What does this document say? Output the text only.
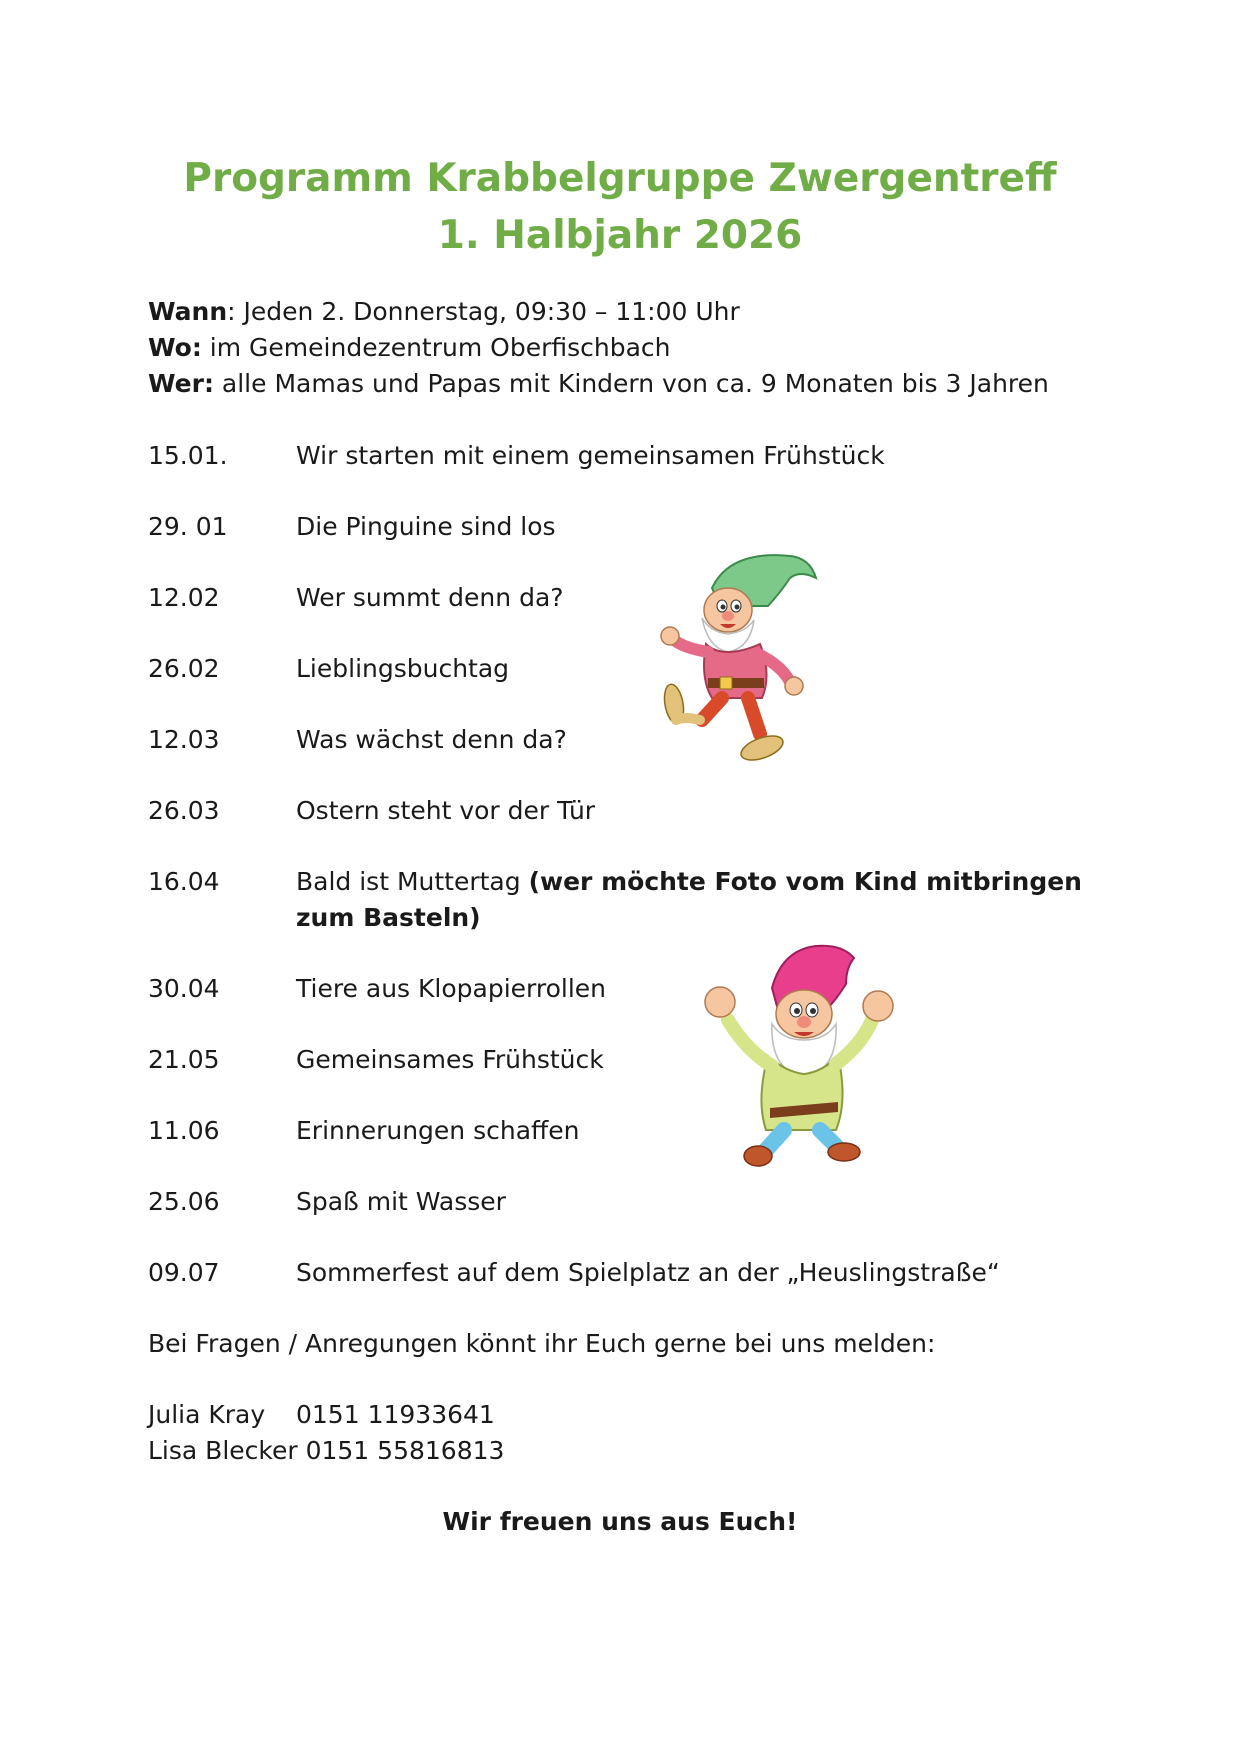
Programm Krabbelgruppe Zwergentreff
1. Halbjahr 2026
Wann: Jeden 2. Donnerstag, 09:30 – 11:00 Uhr
Wo: im Gemeindezentrum Oberfischbach
Wer: alle Mamas und Papas mit Kindern von ca. 9 Monaten bis 3 Jahren
15.01.	Wir starten mit einem gemeinsamen Frühstück
29. 01	Die Pinguine sind los
12.02	Wer summt denn da?
26.02	Lieblingsbuchtag
12.03	Was wächst denn da?
26.03	Ostern steht vor der Tür
16.04	Bald ist Muttertag (wer möchte Foto vom Kind mitbringen zum Basteln)
30.04	Tiere aus Klopapierrollen
21.05	Gemeinsames Frühstück
11.06	Erinnerungen schaffen
25.06	Spaß mit Wasser
09.07	Sommerfest auf dem Spielplatz an der „Heuslingstraße“
Bei Fragen / Anregungen könnt ihr Euch gerne bei uns melden:
Julia Kray 0151 11933641
Lisa Blecker 0151 55816813
Wir freuen uns aus Euch!
